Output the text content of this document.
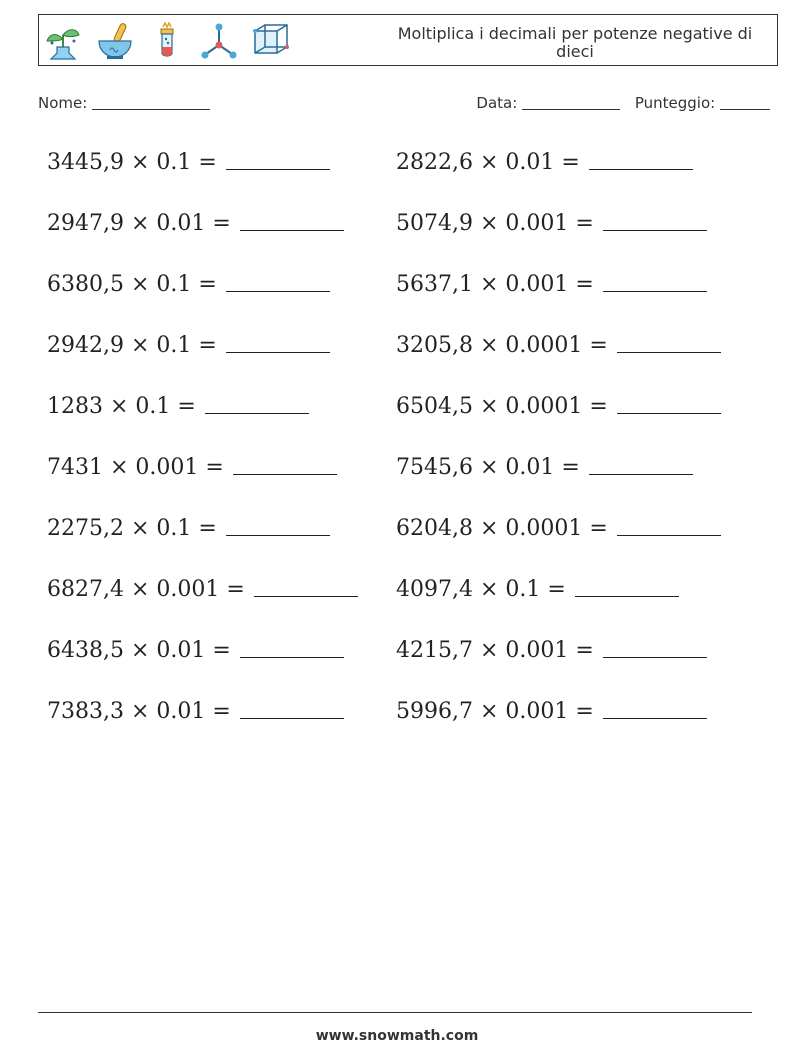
Moltiplica i decimali per potenze negative di dieci
Nome:	Data:	Punteggio:
3445,9 × 0.1 =	2822,6 × 0.01 =
2947,9 × 0.01 =	5074,9 × 0.001 =
6380,5 × 0.1 =	5637,1 × 0.001 =
2942,9 × 0.1 =	3205,8 × 0.0001 =
1283 × 0.1 =	6504,5 × 0.0001 =
7431 × 0.001 =	7545,6 × 0.01 =
2275,2 × 0.1 =	6204,8 × 0.0001 =
6827,4 × 0.001 =	4097,4 × 0.1 =
6438,5 × 0.01 =	4215,7 × 0.001 =
7383,3 × 0.01 =	5996,7 × 0.001 =
www.snowmath.com
